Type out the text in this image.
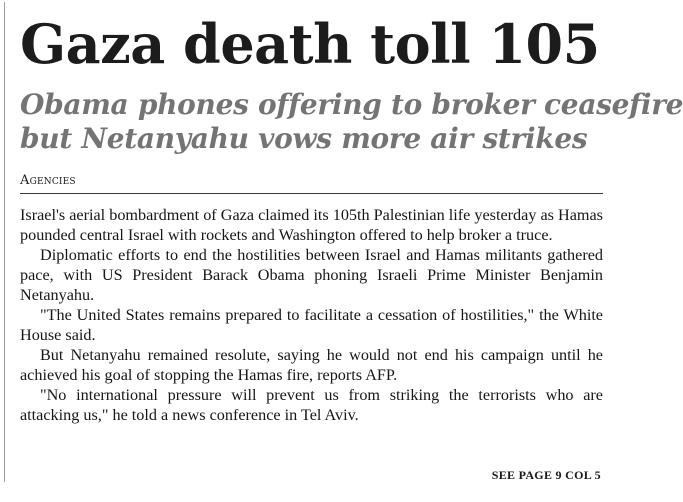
Gaza death toll 105
Obama phones offering to broker ceasefire
but Netanyahu vows more air strikes
Agencies

Israel's aerial bombardment of Gaza claimed its 105th Palestinian life yesterday as Hamas pounded central Israel with rockets and Washington offered to help broker a truce.

Diplomatic efforts to end the hostilities between Israel and Hamas militants gathered pace, with US President Barack Obama phoning Israeli Prime Minister Benjamin Netanyahu.

"The United States remains prepared to facilitate a cessation of hostilities," the White House said.

But Netanyahu remained resolute, saying he would not end his campaign until he achieved his goal of stopping the Hamas fire, reports AFP.

"No international pressure will prevent us from striking the terrorists who are attacking us," he told a news conference in Tel Aviv.

SEE PAGE 9 COL 5
